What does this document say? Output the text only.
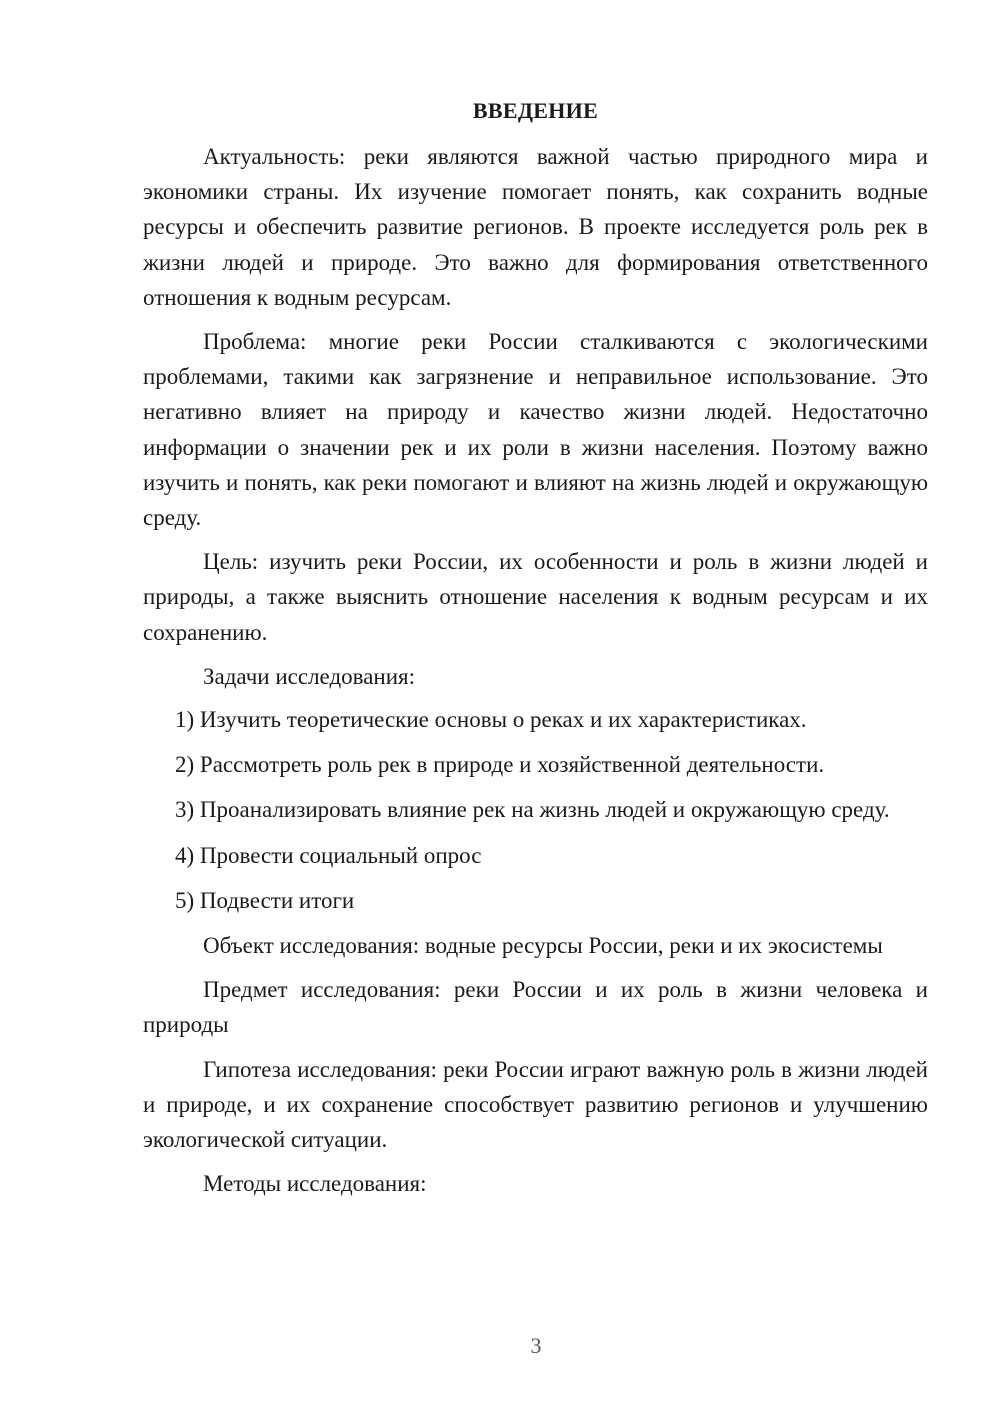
ВВЕДЕНИЕ

Актуальность: реки являются важной частью природного мира и экономики страны. Их изучение помогает понять, как сохранить водные ресурсы и обеспечить развитие регионов. В проекте исследуется роль рек в жизни людей и природе. Это важно для формирования ответственного отношения к водным ресурсам.

Проблема: многие реки России сталкиваются с экологическими проблемами, такими как загрязнение и неправильное использование. Это негативно влияет на природу и качество жизни людей. Недостаточно информации о значении рек и их роли в жизни населения. Поэтому важно изучить и понять, как реки помогают и влияют на жизнь людей и окружающую среду.

Цель: изучить реки России, их особенности и роль в жизни людей и природы, а также выяснить отношение населения к водным ресурсам и их сохранению.

Задачи исследования:

1) Изучить теоретические основы о реках и их характеристиках.

2) Рассмотреть роль рек в природе и хозяйственной деятельности.

3) Проанализировать влияние рек на жизнь людей и окружающую среду.

4) Провести социальный опрос

5) Подвести итоги

Объект исследования: водные ресурсы России, реки и их экосистемы

Предмет исследования: реки России и их роль в жизни человека и природы

Гипотеза исследования: реки России играют важную роль в жизни людей и природе, и их сохранение способствует развитию регионов и улучшению экологической ситуации.

Методы исследования:

3
